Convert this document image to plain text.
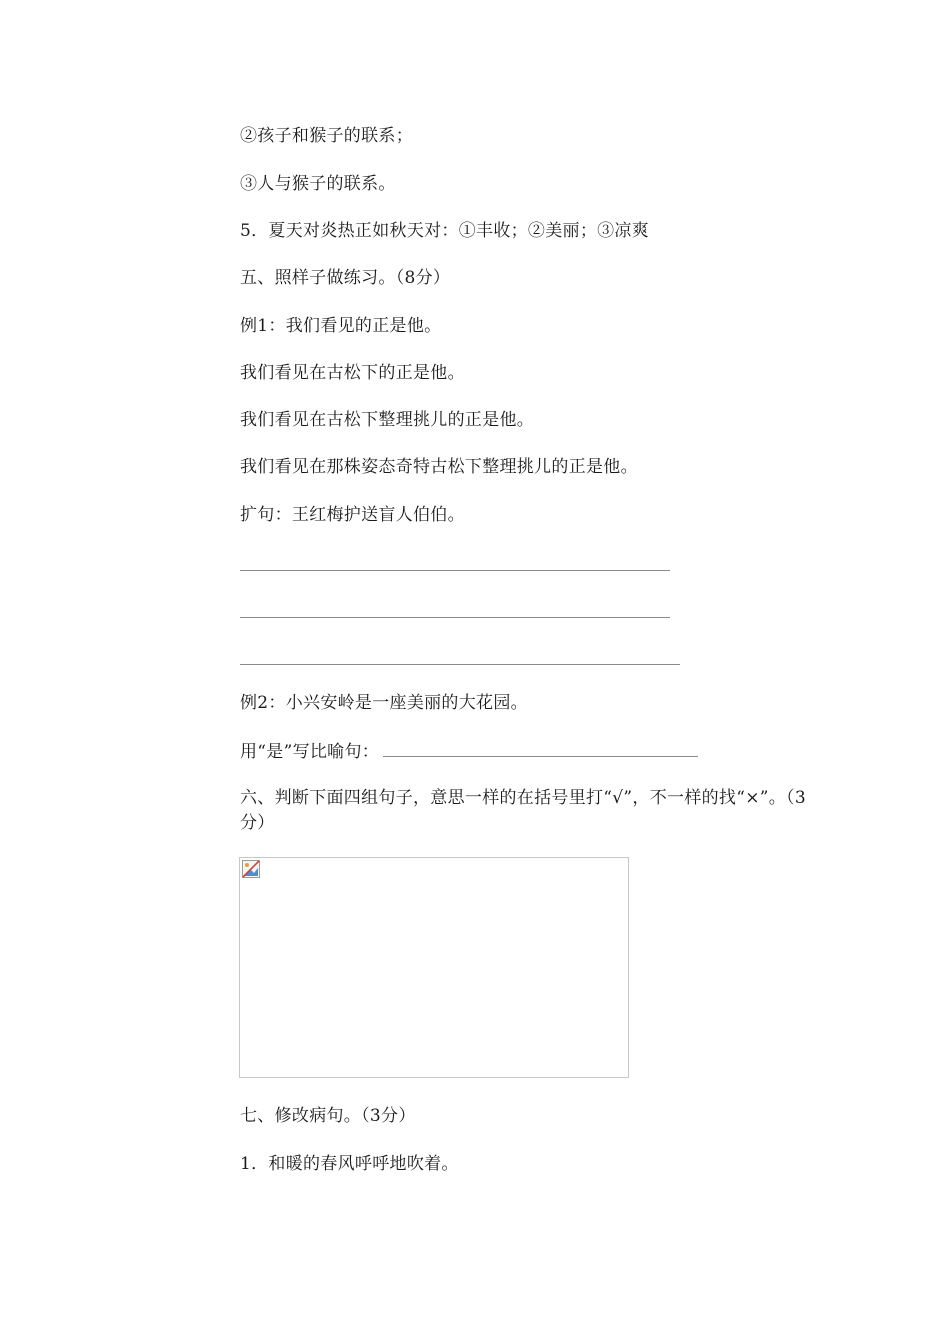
②孩子和猴子的联系；
③人与猴子的联系。
5．夏天对炎热正如秋天对：①丰收；②美丽；③凉爽
五、照样子做练习。（8分）
例1：我们看见的正是他。
我们看见在古松下的正是他。
我们看见在古松下整理挑儿的正是他。
我们看见在那株姿态奇特古松下整理挑儿的正是他。
扩句：王红梅护送盲人伯伯。
例2：小兴安岭是一座美丽的大花园。
用“是”写比喻句：
六、判断下面四组句子，意思一样的在括号里打“√”，不一样的找“×”。（3分）
七、修改病句。（3分）
1．和暖的春风呼呼地吹着。
